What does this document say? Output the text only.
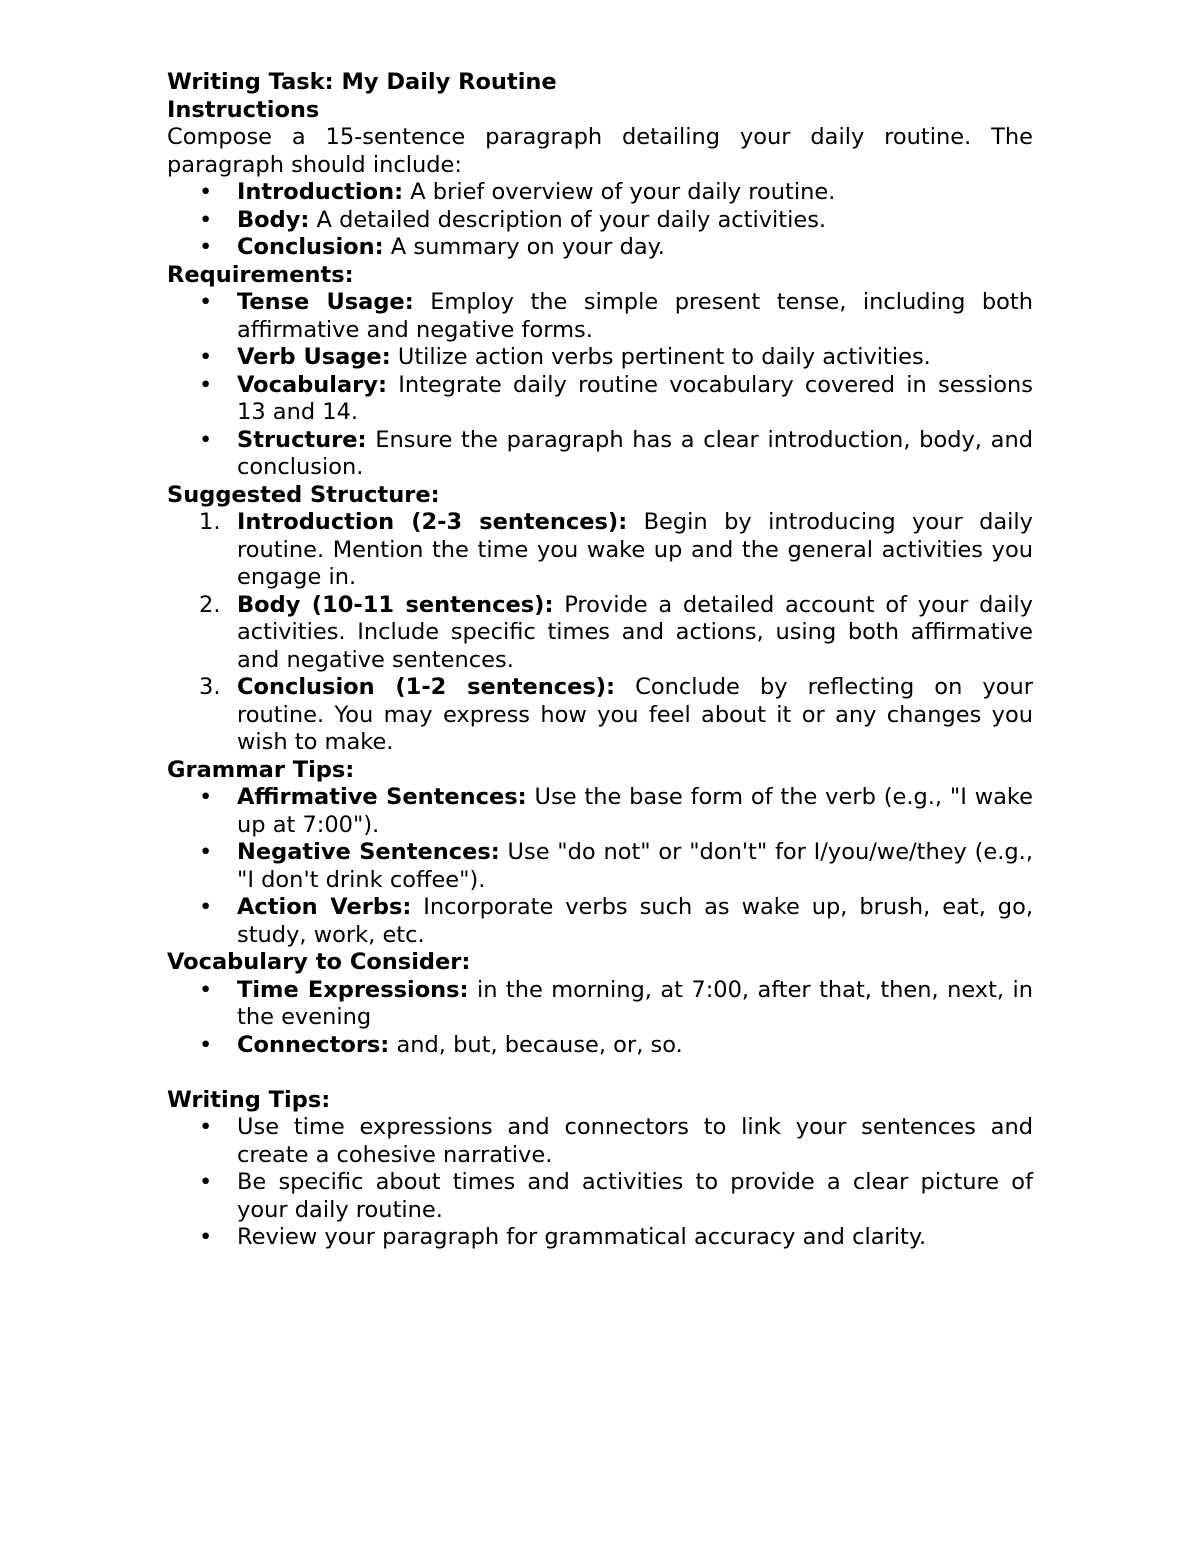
Writing Task: My Daily Routine

Instructions

Compose a 15-sentence paragraph detailing your daily routine. The paragraph should include:

• Introduction: A brief overview of your daily routine.
• Body: A detailed description of your daily activities.
• Conclusion: A summary on your day.

Requirements:

• Tense Usage: Employ the simple present tense, including both affirmative and negative forms.
• Verb Usage: Utilize action verbs pertinent to daily activities.
• Vocabulary: Integrate daily routine vocabulary covered in sessions 13 and 14.
• Structure: Ensure the paragraph has a clear introduction, body, and conclusion.

Suggested Structure:

1. Introduction (2-3 sentences): Begin by introducing your daily routine. Mention the time you wake up and the general activities you engage in.
2. Body (10-11 sentences): Provide a detailed account of your daily activities. Include specific times and actions, using both affirmative and negative sentences.
3. Conclusion (1-2 sentences): Conclude by reflecting on your routine. You may express how you feel about it or any changes you wish to make.

Grammar Tips:

• Affirmative Sentences: Use the base form of the verb (e.g., "I wake up at 7:00").
• Negative Sentences: Use "do not" or "don't" for I/you/we/they (e.g., "I don't drink coffee").
• Action Verbs: Incorporate verbs such as wake up, brush, eat, go, study, work, etc.

Vocabulary to Consider:

• Time Expressions: in the morning, at 7:00, after that, then, next, in the evening
• Connectors: and, but, because, or, so.

Writing Tips:

• Use time expressions and connectors to link your sentences and create a cohesive narrative.
• Be specific about times and activities to provide a clear picture of your daily routine.
• Review your paragraph for grammatical accuracy and clarity.
